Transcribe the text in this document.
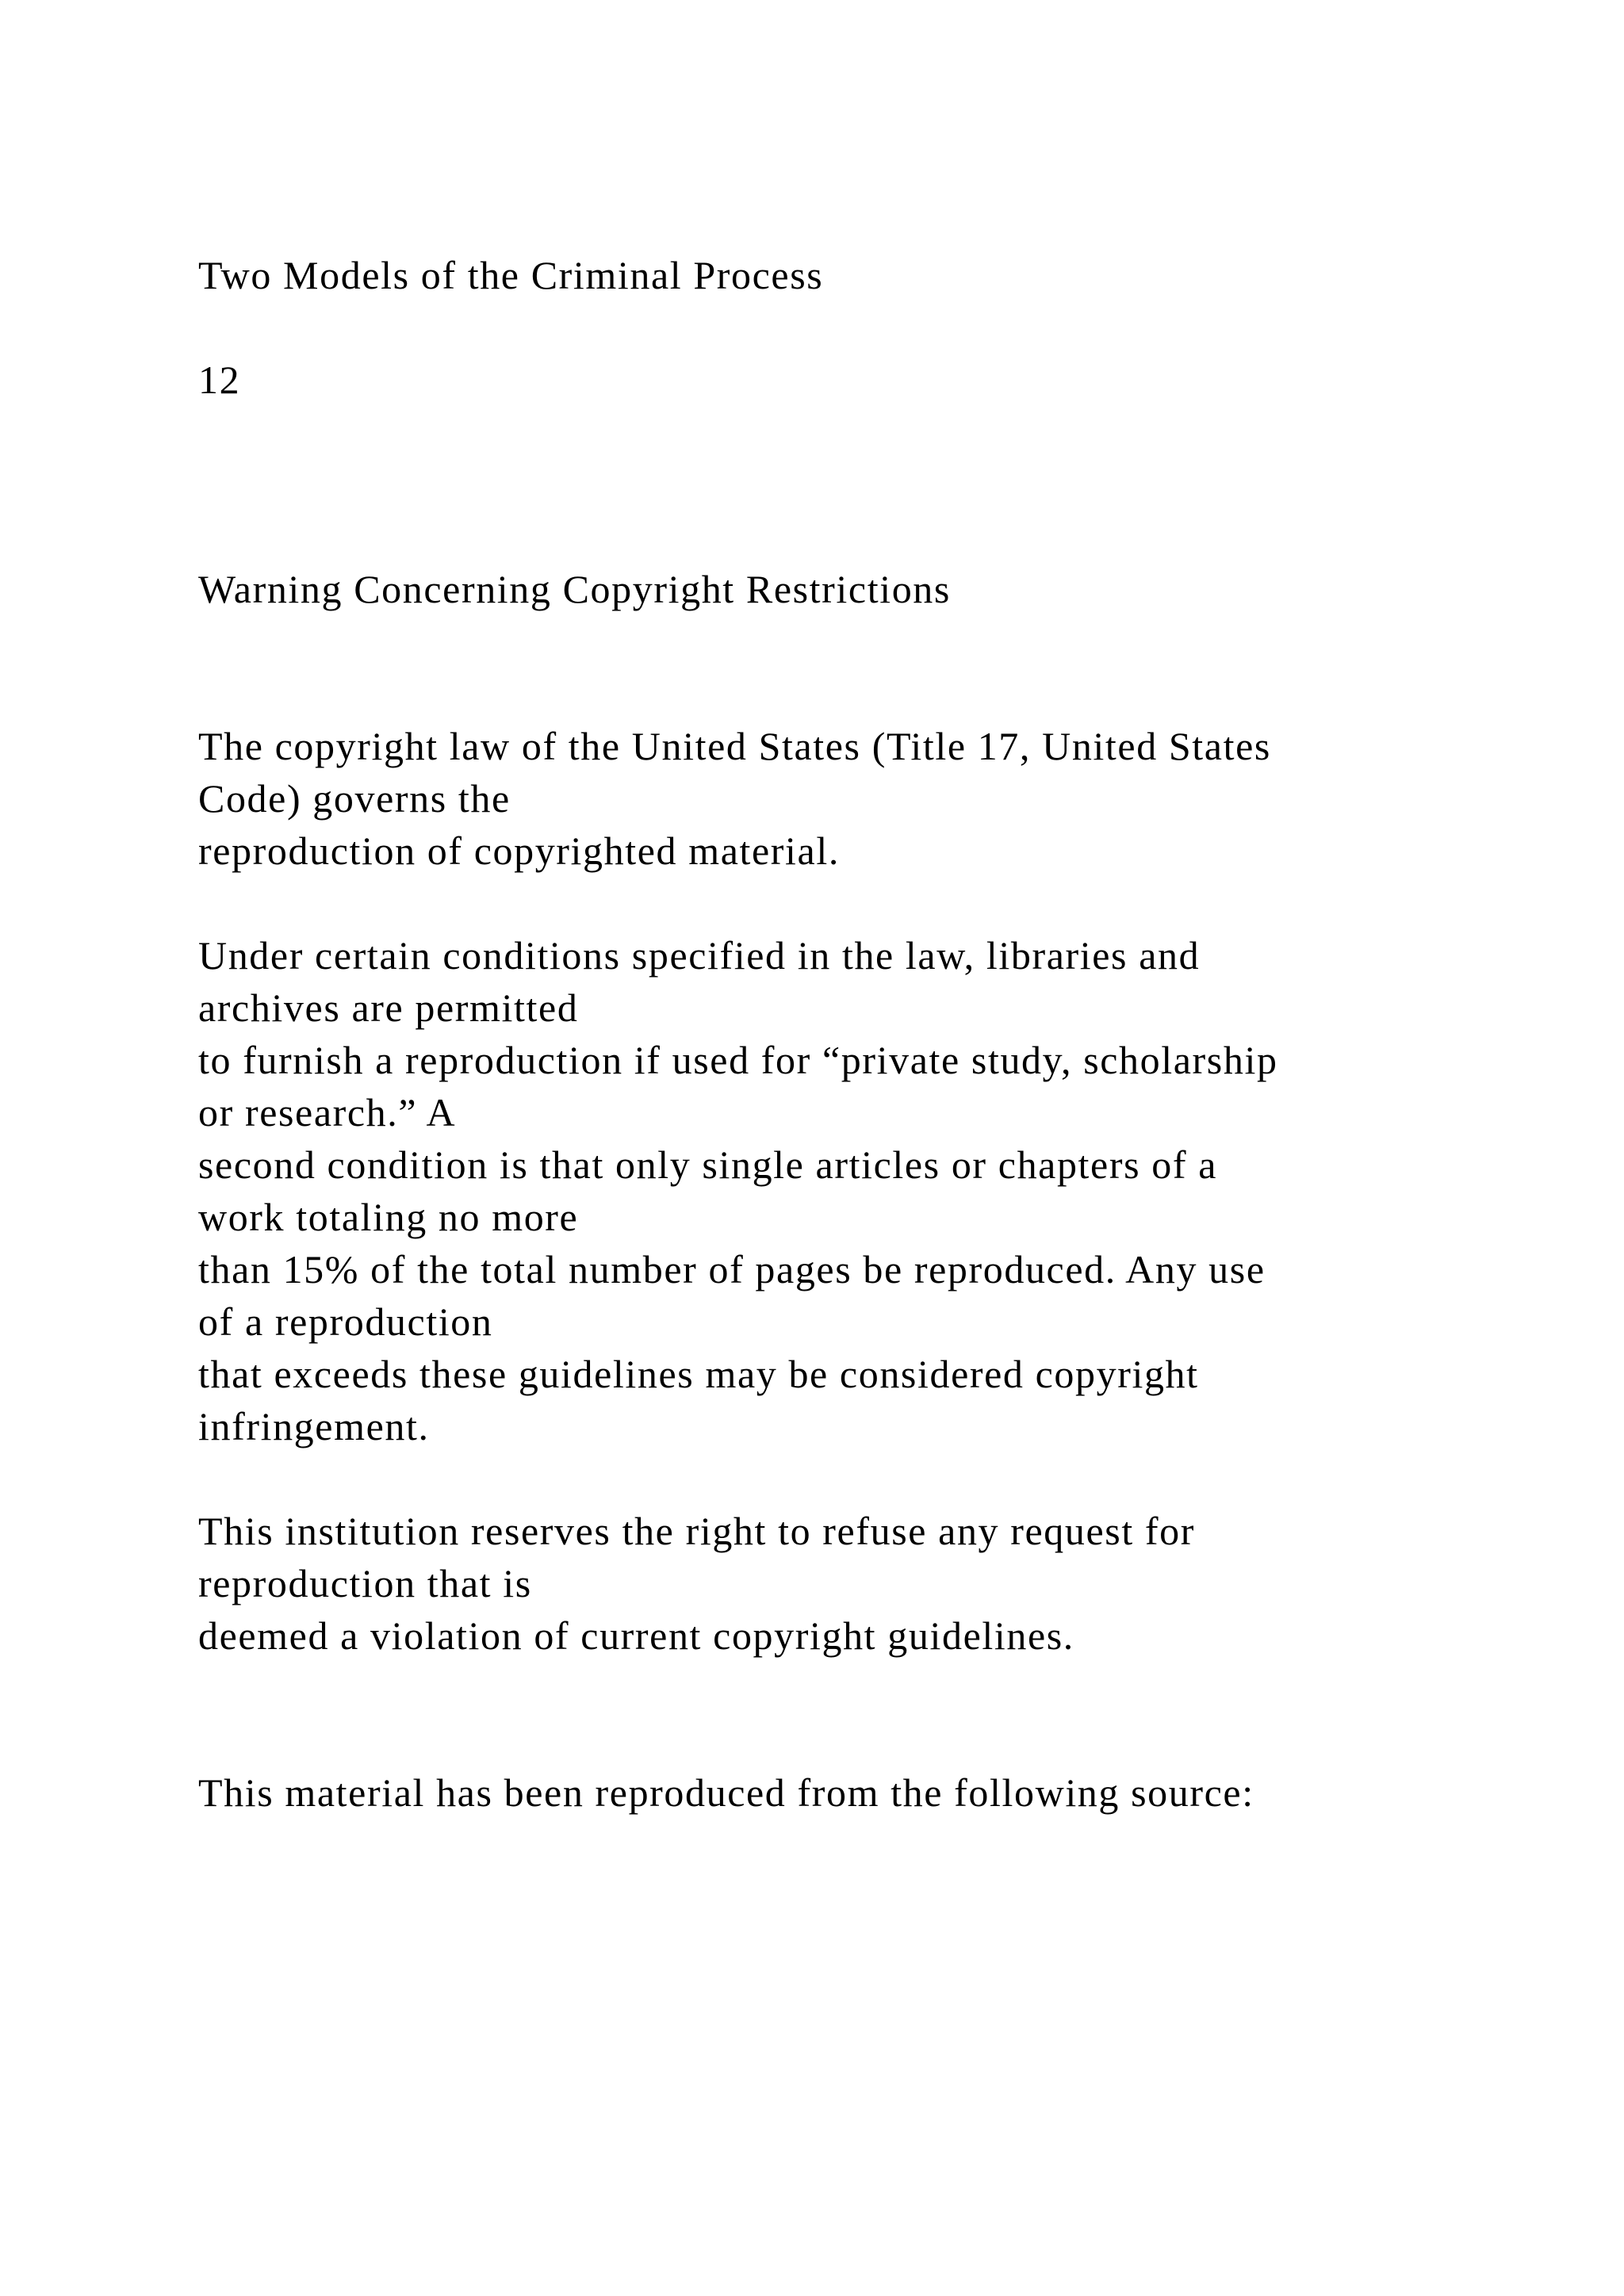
Two Models of the Criminal Process
12
Warning Concerning Copyright Restrictions
The copyright law of the United States (Title 17, United States
Code) governs the
reproduction of copyrighted material.
Under certain conditions specified in the law, libraries and
archives are permitted
to furnish a reproduction if used for “private study, scholarship
or research.” A
second condition is that only single articles or chapters of a
work totaling no more
than 15% of the total number of pages be reproduced. Any use
of a reproduction
that exceeds these guidelines may be considered copyright
infringement.
This institution reserves the right to refuse any request for
reproduction that is
deemed a violation of current copyright guidelines.
This material has been reproduced from the following source:
